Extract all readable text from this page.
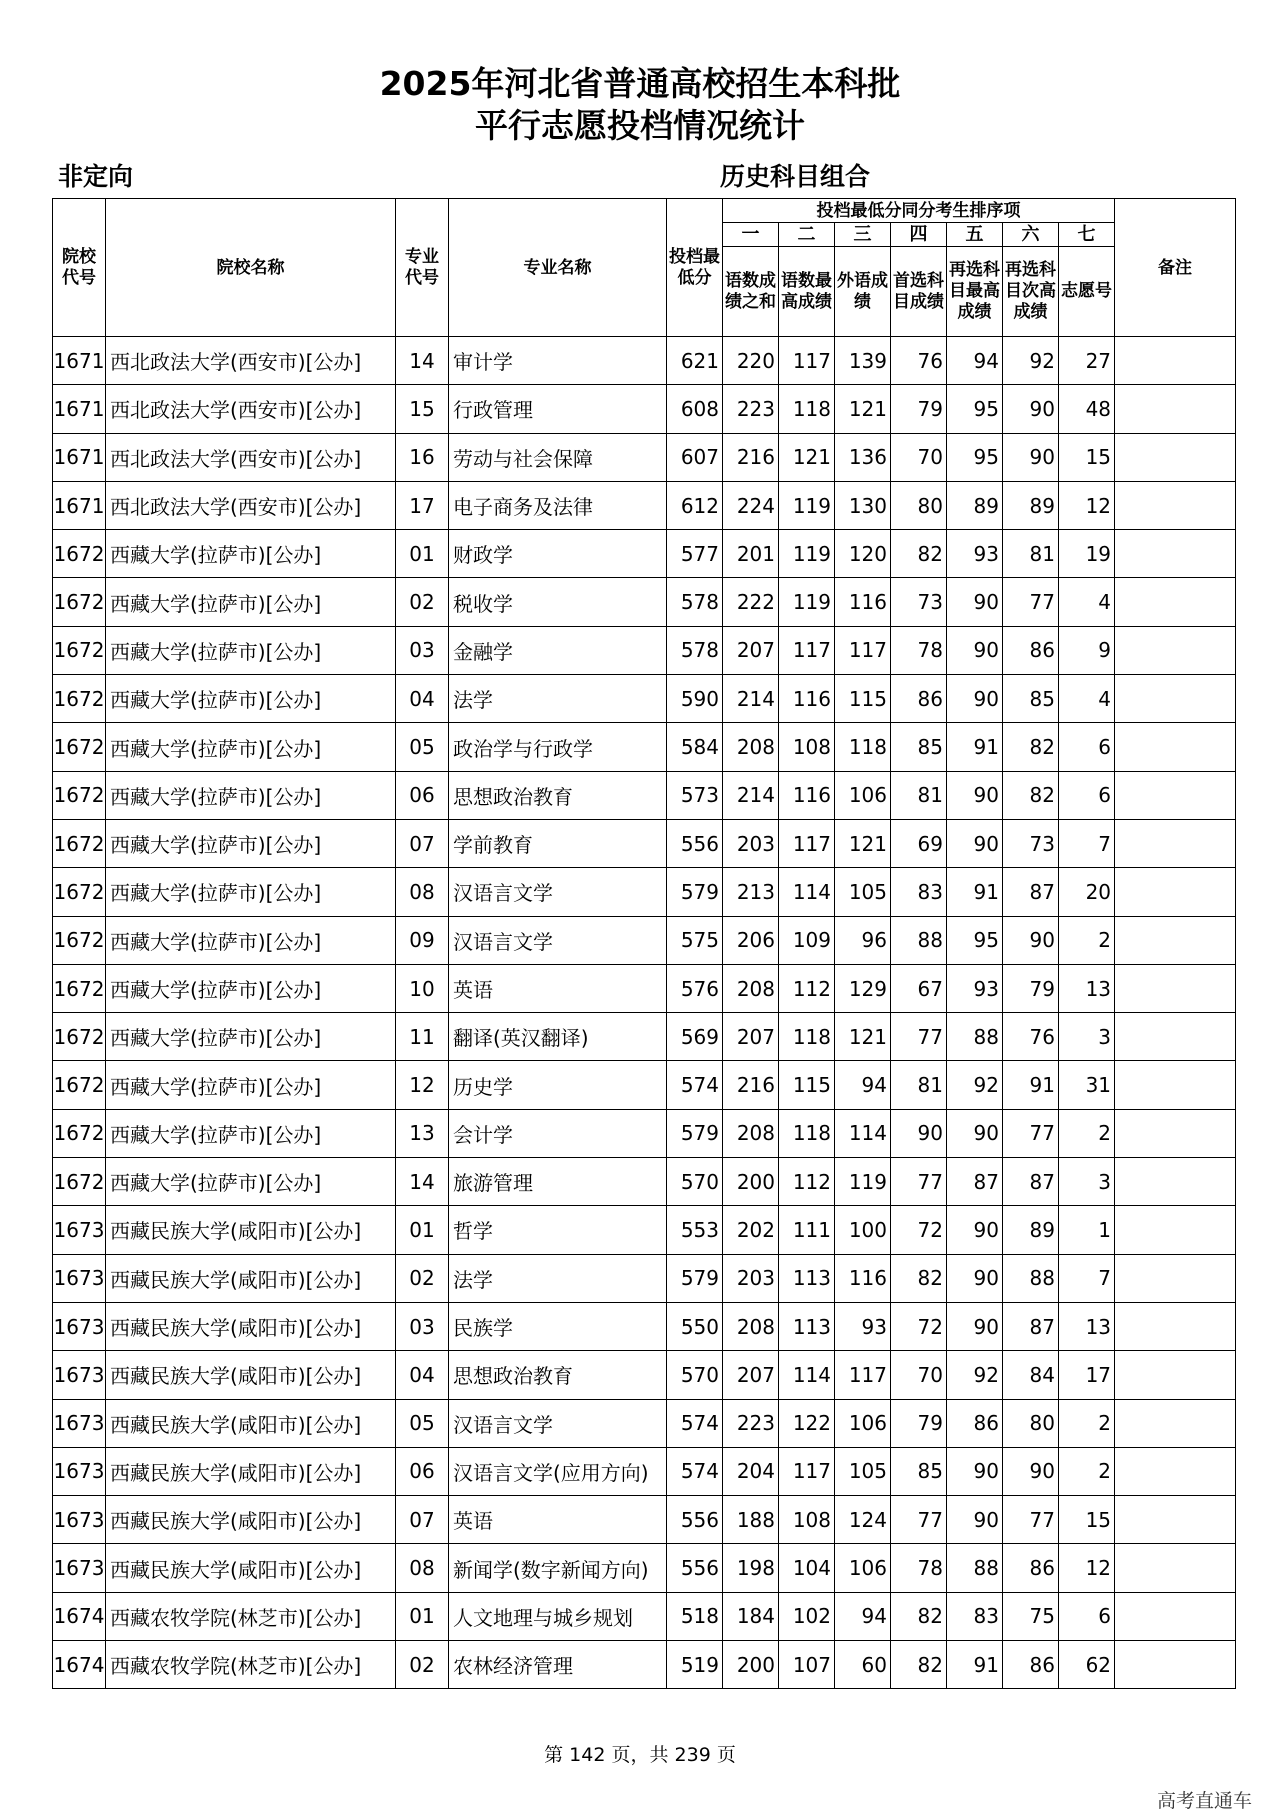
2025年河北省普通高校招生本科批
平行志愿投档情况统计
非定向	历史科目组合
院校代号	院校名称	专业代号	专业名称	投档最低分	投档最低分同分考生排序项							备注
					一	二	三	四	五	六	七	
					语数成绩之和	语数最高成绩	外语成绩	首选科目成绩	再选科目最高成绩	再选科目次高成绩	志愿号	
1671	西北政法大学(西安市)[公办]	14	审计学	621	220	117	139	76	94	92	27	
1671	西北政法大学(西安市)[公办]	15	行政管理	608	223	118	121	79	95	90	48	
1671	西北政法大学(西安市)[公办]	16	劳动与社会保障	607	216	121	136	70	95	90	15	
1671	西北政法大学(西安市)[公办]	17	电子商务及法律	612	224	119	130	80	89	89	12	
1672	西藏大学(拉萨市)[公办]	01	财政学	577	201	119	120	82	93	81	19	
1672	西藏大学(拉萨市)[公办]	02	税收学	578	222	119	116	73	90	77	4	
1672	西藏大学(拉萨市)[公办]	03	金融学	578	207	117	117	78	90	86	9	
1672	西藏大学(拉萨市)[公办]	04	法学	590	214	116	115	86	90	85	4	
1672	西藏大学(拉萨市)[公办]	05	政治学与行政学	584	208	108	118	85	91	82	6	
1672	西藏大学(拉萨市)[公办]	06	思想政治教育	573	214	116	106	81	90	82	6	
1672	西藏大学(拉萨市)[公办]	07	学前教育	556	203	117	121	69	90	73	7	
1672	西藏大学(拉萨市)[公办]	08	汉语言文学	579	213	114	105	83	91	87	20	
1672	西藏大学(拉萨市)[公办]	09	汉语言文学	575	206	109	96	88	95	90	2	
1672	西藏大学(拉萨市)[公办]	10	英语	576	208	112	129	67	93	79	13	
1672	西藏大学(拉萨市)[公办]	11	翻译(英汉翻译)	569	207	118	121	77	88	76	3	
1672	西藏大学(拉萨市)[公办]	12	历史学	574	216	115	94	81	92	91	31	
1672	西藏大学(拉萨市)[公办]	13	会计学	579	208	118	114	90	90	77	2	
1672	西藏大学(拉萨市)[公办]	14	旅游管理	570	200	112	119	77	87	87	3	
1673	西藏民族大学(咸阳市)[公办]	01	哲学	553	202	111	100	72	90	89	1	
1673	西藏民族大学(咸阳市)[公办]	02	法学	579	203	113	116	82	90	88	7	
1673	西藏民族大学(咸阳市)[公办]	03	民族学	550	208	113	93	72	90	87	13	
1673	西藏民族大学(咸阳市)[公办]	04	思想政治教育	570	207	114	117	70	92	84	17	
1673	西藏民族大学(咸阳市)[公办]	05	汉语言文学	574	223	122	106	79	86	80	2	
1673	西藏民族大学(咸阳市)[公办]	06	汉语言文学(应用方向)	574	204	117	105	85	90	90	2	
1673	西藏民族大学(咸阳市)[公办]	07	英语	556	188	108	124	77	90	77	15	
1673	西藏民族大学(咸阳市)[公办]	08	新闻学(数字新闻方向)	556	198	104	106	78	88	86	12	
1674	西藏农牧学院(林芝市)[公办]	01	人文地理与城乡规划	518	184	102	94	82	83	75	6	
1674	西藏农牧学院(林芝市)[公办]	02	农林经济管理	519	200	107	60	82	91	86	62	
第 142 页，共 239 页
高考直通车
